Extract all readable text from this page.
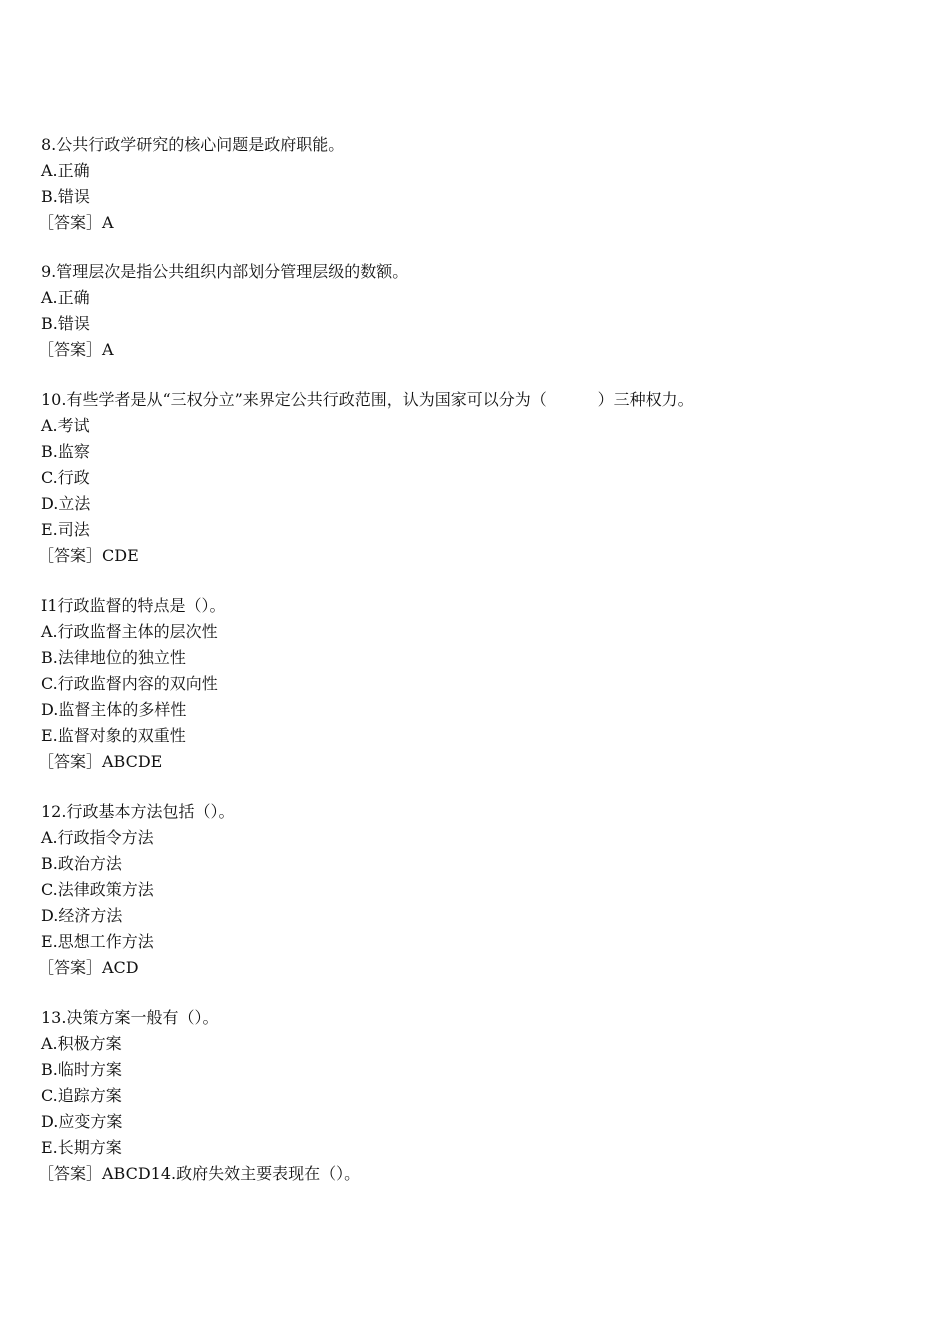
8.公共行政学研究的核心问题是政府职能。
A.正确
B.错误
［答案］A
9.管理层次是指公共组织内部划分管理层级的数额。
A.正确
B.错误
［答案］A
10.有些学者是从“三权分立”来界定公共行政范围，认为国家可以分为（          ）三种权力。
A.考试
B.监察
C.行政
D.立法
E.司法
［答案］CDE
I1行政监督的特点是（）。
A.行政监督主体的层次性
B.法律地位的独立性
C.行政监督内容的双向性
D.监督主体的多样性
E.监督对象的双重性
［答案］ABCDE
12.行政基本方法包括（）。
A.行政指令方法
B.政治方法
C.法律政策方法
D.经济方法
E.思想工作方法
［答案］ACD
13.决策方案一般有（）。
A.积极方案
B.临时方案
C.追踪方案
D.应变方案
E.长期方案
［答案］ABCD14.政府失效主要表现在（）。
